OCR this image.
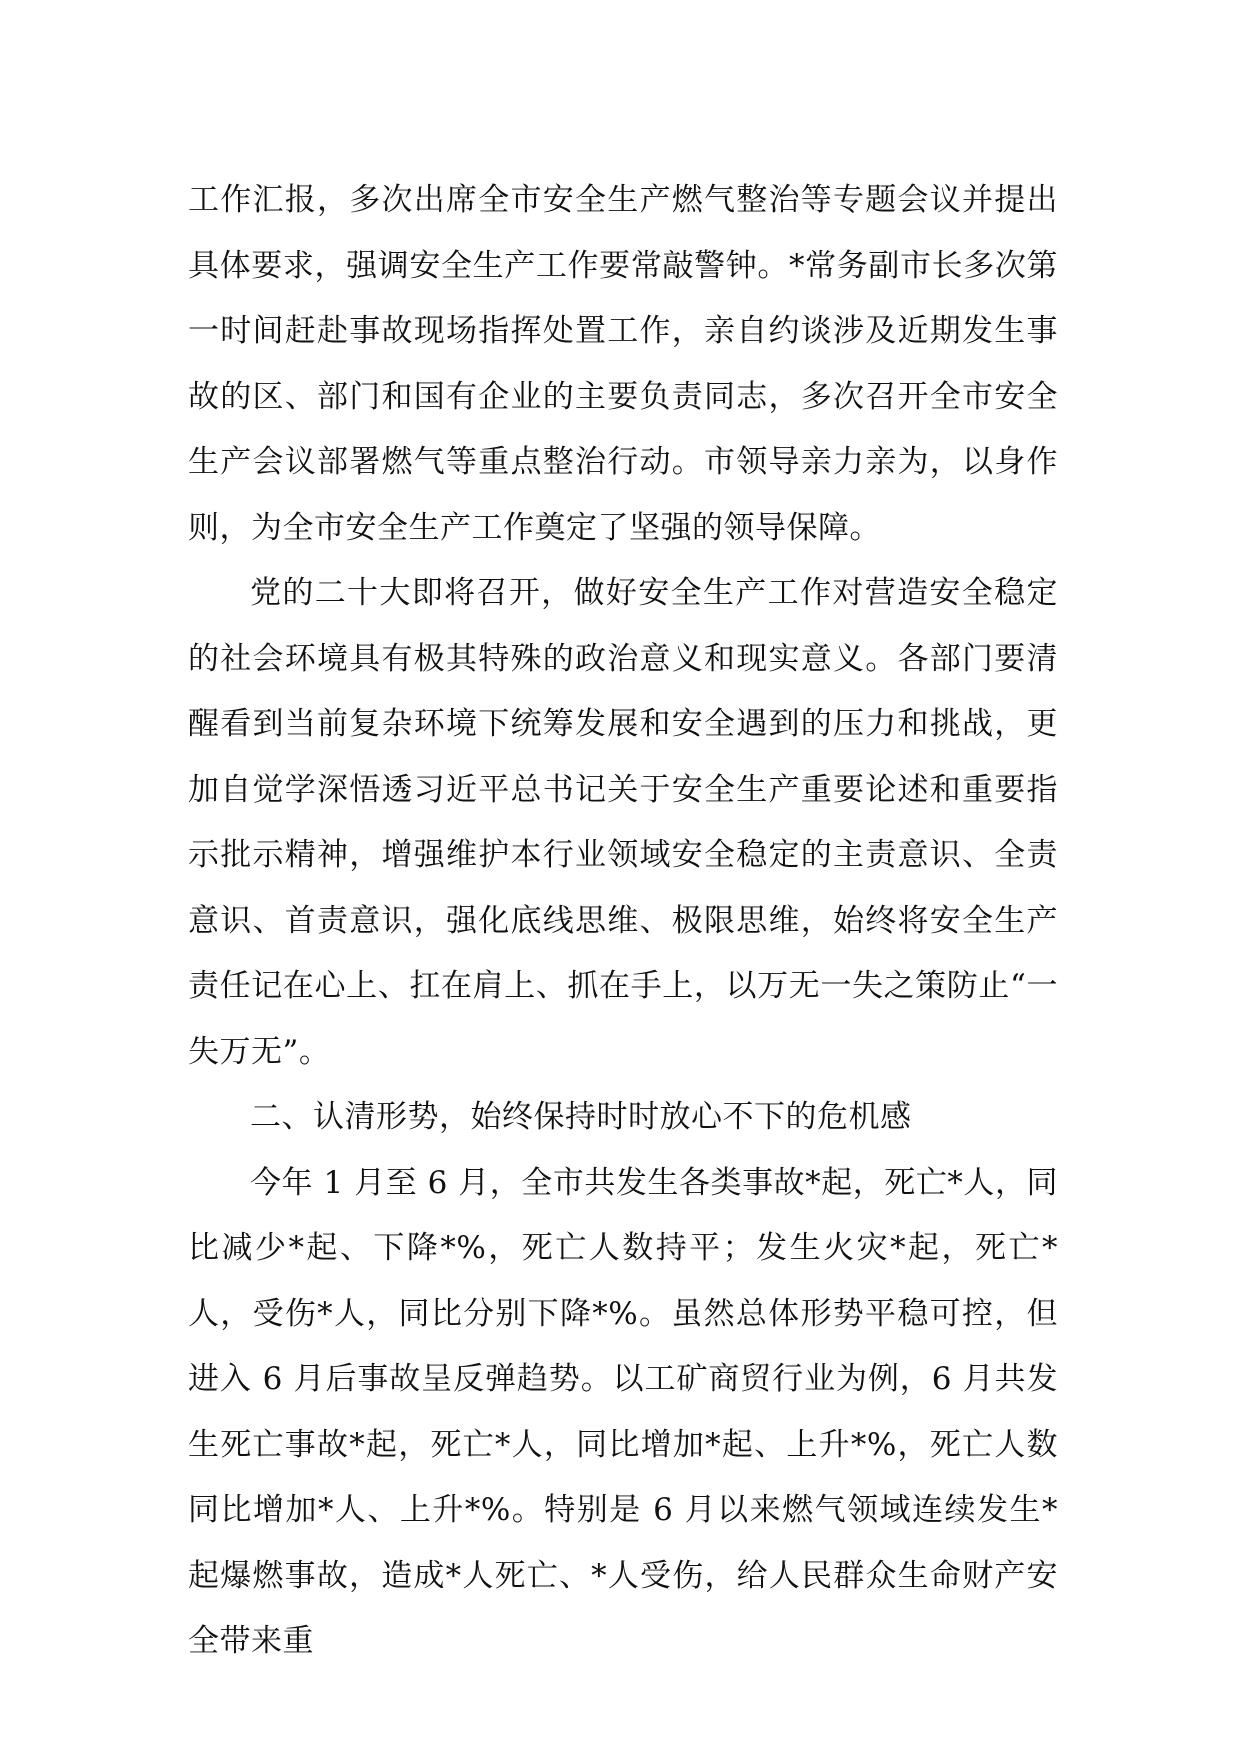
工作汇报，多次出席全市安全生产燃气整治等专题会议并提出具体要求，强调安全生产工作要常敲警钟。*常务副市长多次第一时间赶赴事故现场指挥处置工作，亲自约谈涉及近期发生事故的区、部门和国有企业的主要负责同志，多次召开全市安全生产会议部署燃气等重点整治行动。市领导亲力亲为，以身作则，为全市安全生产工作奠定了坚强的领导保障。

党的二十大即将召开，做好安全生产工作对营造安全稳定的社会环境具有极其特殊的政治意义和现实意义。各部门要清醒看到当前复杂环境下统筹发展和安全遇到的压力和挑战，更加自觉学深悟透习近平总书记关于安全生产重要论述和重要指示批示精神，增强维护本行业领域安全稳定的主责意识、全责意识、首责意识，强化底线思维、极限思维，始终将安全生产责任记在心上、扛在肩上、抓在手上，以万无一失之策防止“一失万无”。

二、认清形势，始终保持时时放心不下的危机感

今年 1 月至 6 月，全市共发生各类事故*起，死亡*人，同比减少*起、下降*%，死亡人数持平；发生火灾*起，死亡*人，受伤*人，同比分别下降*%。虽然总体形势平稳可控，但进入 6 月后事故呈反弹趋势。以工矿商贸行业为例，6 月共发生死亡事故*起，死亡*人，同比增加*起、上升*%，死亡人数同比增加*人、上升*%。特别是 6 月以来燃气领域连续发生*起爆燃事故，造成*人死亡、*人受伤，给人民群众生命财产安全带来重
